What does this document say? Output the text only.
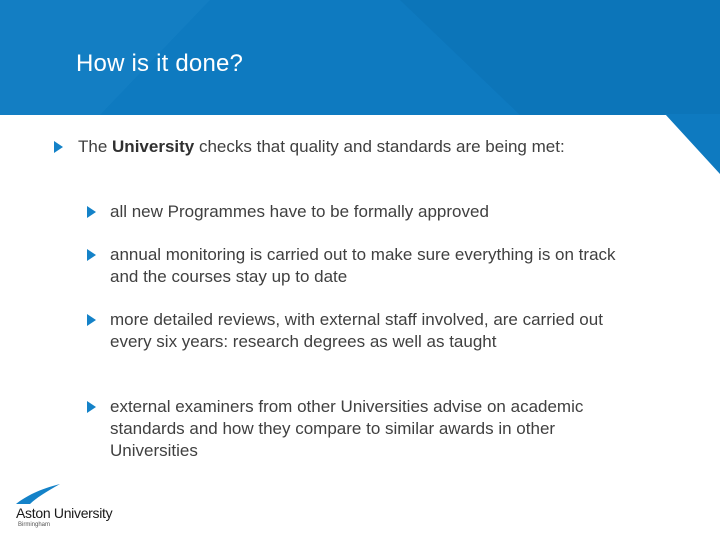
How is it done?
The University checks that quality and standards are being met:
all new Programmes have to be formally approved
annual monitoring is carried out to make sure everything is on track and the courses stay up to date
more detailed reviews, with external staff involved, are carried out every six years: research degrees as well as taught
external examiners from other Universities advise on academic standards and how they compare to similar awards in other Universities
Aston University
Birmingham
